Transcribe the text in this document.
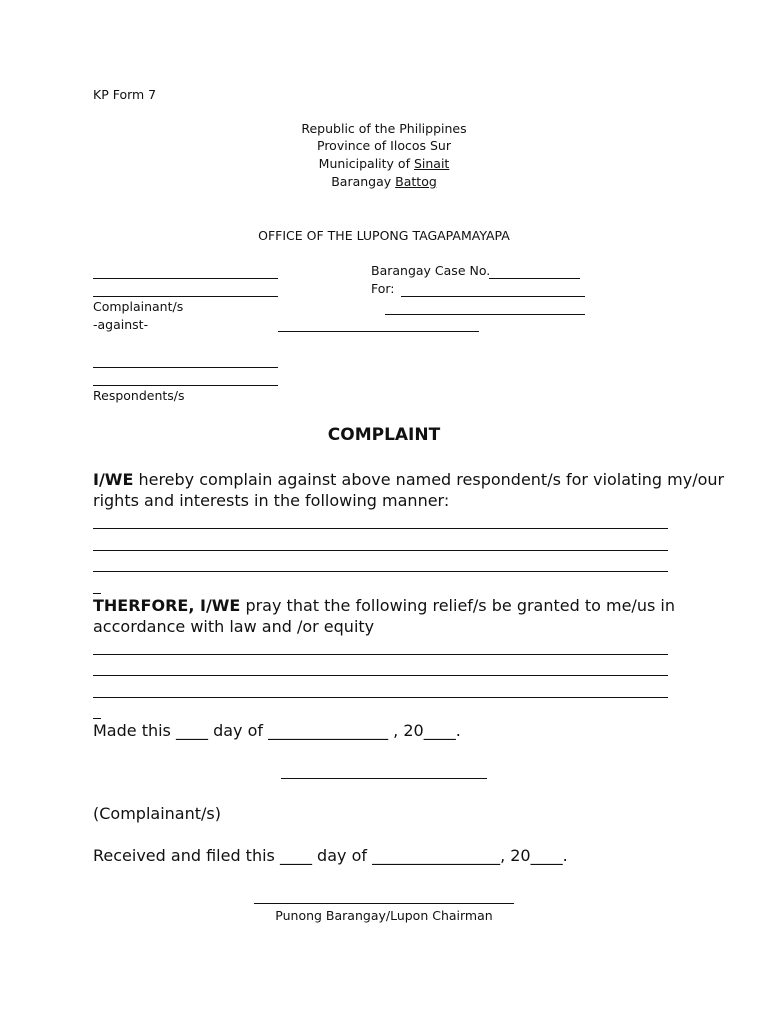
KP Form 7
Republic of the Philippines
Province of Ilocos Sur
Municipality of Sinait
Barangay Battog
OFFICE OF THE LUPONG TAGAPAMAYAPA
Complainant/s
-against-
Barangay Case No.
For:
Respondents/s
COMPLAINT
I/WE hereby complain against above named respondent/s for violating my/our
rights and interests in the following manner:
THERFORE, I/WE pray that the following relief/s be granted to me/us in
accordance with law and /or equity
Made this ____ day of _______________ , 20____.
(Complainant/s)
Received and filed this ____ day of ________________, 20____.
Punong Barangay/Lupon Chairman
